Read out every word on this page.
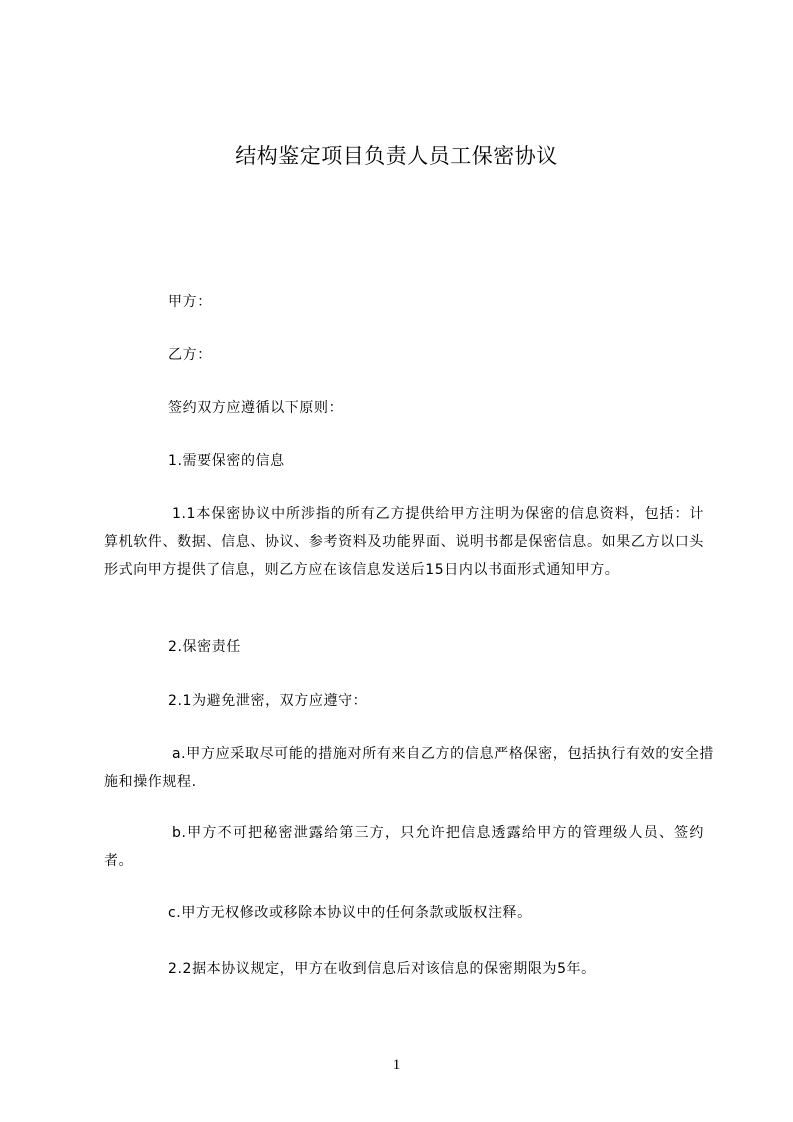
结构鉴定项目负责人员工保密协议

甲方：

乙方：

签约双方应遵循以下原则：

1.需要保密的信息

1.1本保密协议中所涉指的所有乙方提供给甲方注明为保密的信息资料，包括：计算机软件、数据、信息、协议、参考资料及功能界面、说明书都是保密信息。如果乙方以口头形式向甲方提供了信息，则乙方应在该信息发送后15日内以书面形式通知甲方。

2.保密责任

2.1为避免泄密，双方应遵守：

a.甲方应采取尽可能的措施对所有来自乙方的信息严格保密，包括执行有效的安全措施和操作规程.

b.甲方不可把秘密泄露给第三方，只允许把信息透露给甲方的管理级人员、签约者。

c.甲方无权修改或移除本协议中的任何条款或版权注释。

2.2据本协议规定，甲方在收到信息后对该信息的保密期限为5年。

1
